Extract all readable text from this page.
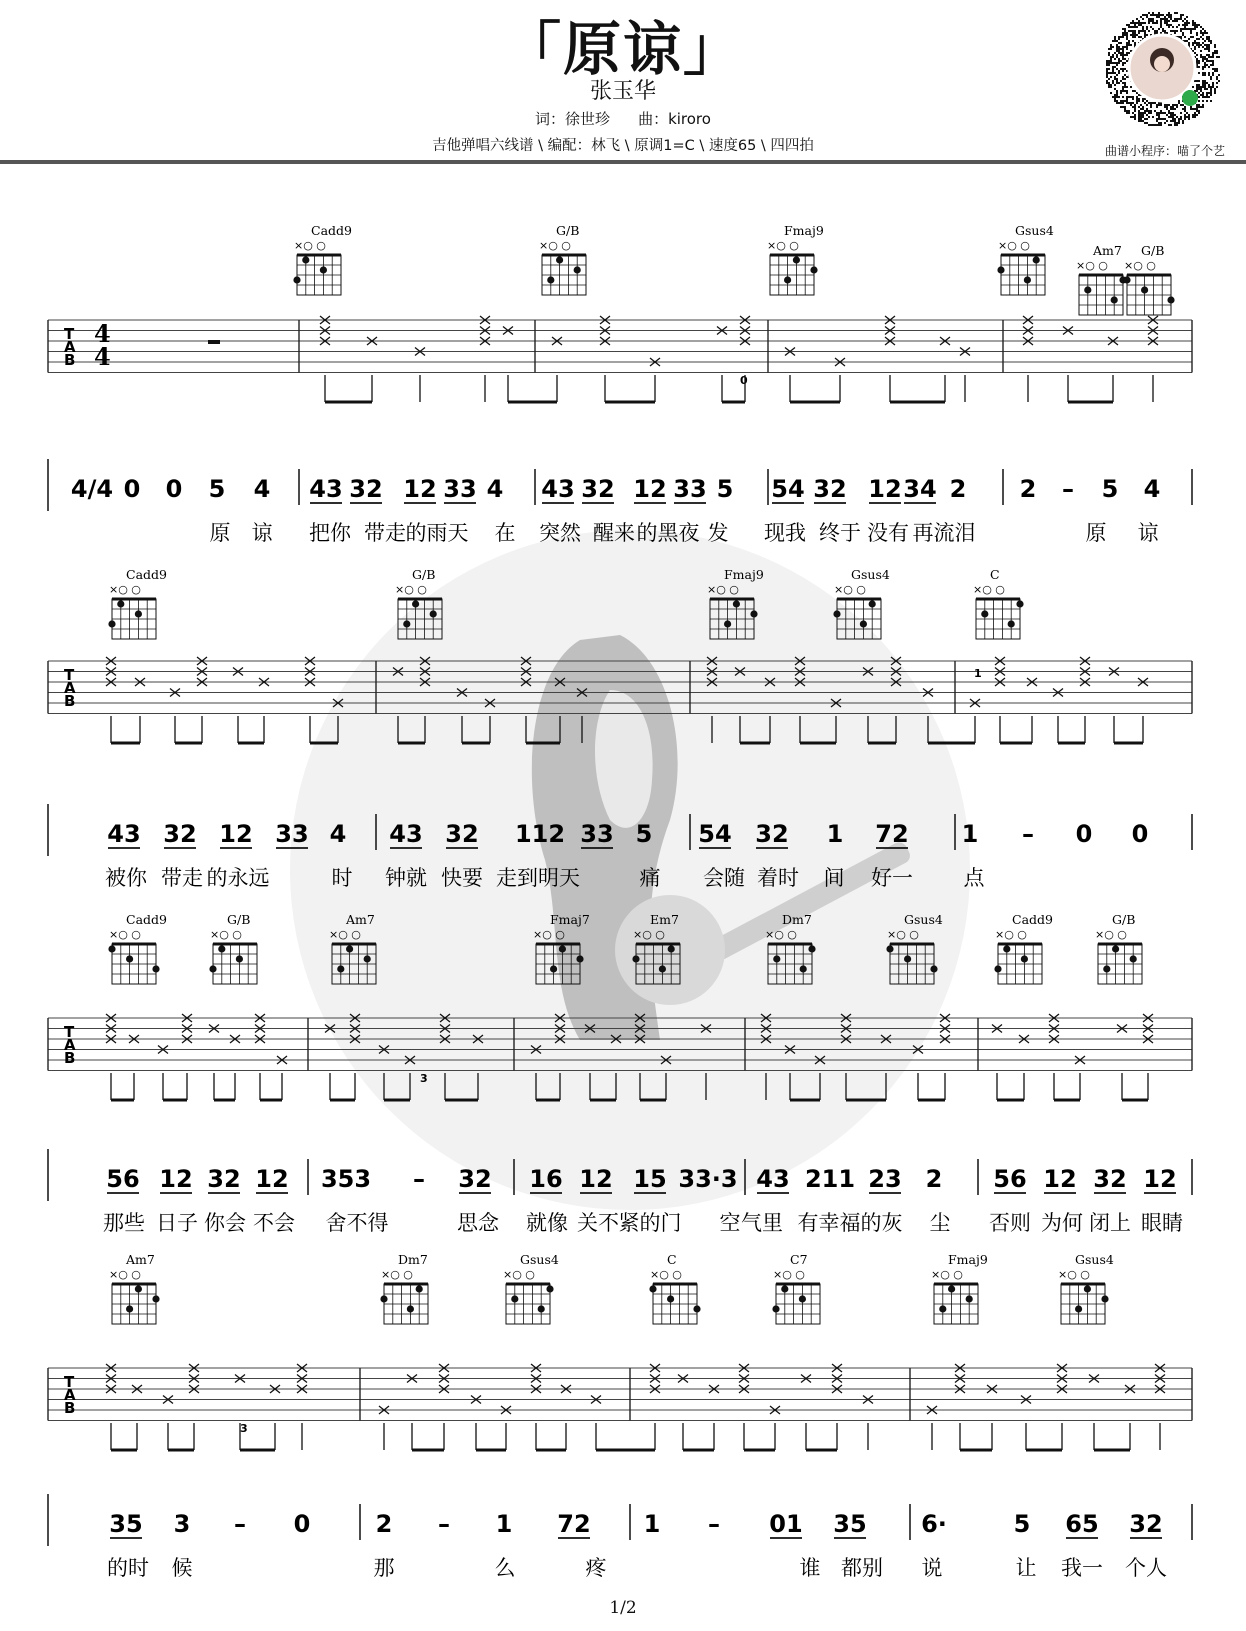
「原谅」
张玉华
词：徐世珍 曲：kiroro
吉他弹唱六线谱 \ 编配：林飞 \ 原调1=C \ 速度65 \ 四四拍	曲谱小程序：喵了个艺
Cadd9	G/B	Fmaj9	Gsus4
Am7 G/B
T
A
B
4
4
0
×○ ○	×○ ○	×○ ○	×○ ○
×○ ○ ×○ ○
4/4 0 0 5 4 43 32 12 33 4 43 32 12 33 5 54 32 12 34 2 2 – 5 4
原 谅 把你 带走 的雨天 在 突然 醒来 的黑夜 发 现我 终于 没有 再流泪	原 谅
Cadd9	G/B	Fmaj9	Gsus4	C
T
A
B
1
×○ ○	×○ ○	×○ ○	×○ ○	×○ ○
43 32 12 33 4 43 32 112 33 5 54 32 1 72 1 – 0 0
被你 带走 的永远	时 钟就 快要 走到明天	痛 会随 着时 间 好一 点
Cadd9	G/B	Am7	Fmaj7	Em7	Dm7	Gsus4	Cadd9	G/B
T
A
B
3
×○ ○	×○ ○	×○ ○	×○ ○	×○ ○	×○ ○	×○ ○	×○ ○	×○ ○
56 12 32 12 353 – 32 16 12 15 33·3 43 211 23 2 56 12 32 12
那些 日子 你会 不会 舍不得	思念 就像 关不 紧的门 空 气里 有幸福的灰 尘 否则 为何 闭上 眼睛
Am7	Dm7	Gsus4	C	C7	Fmaj9	Gsus4
T
A
B
3
×○ ○	×○ ○	×○ ○	×○ ○	×○ ○	×○ ○	×○ ○
35 3 – 0	2 – 1 72 1 – 01 35 6·	5 65 32
的时 候	那	么	疼	谁 都别 说	让 我一 个人
1/2
